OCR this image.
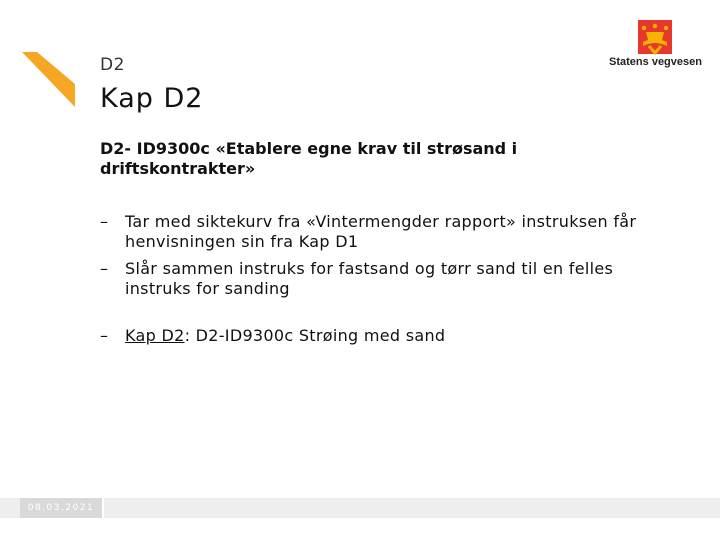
D2
Kap D2
Statens vegvesen
D2- ID9300c «Etablere egne krav til strøsand i driftskontrakter»
– Tar med siktekurv fra «Vintermengder rapport» instruksen får henvisningen sin fra Kap D1
– Slår sammen instruks for fastsand og tørr sand til en felles instruks for sanding
– Kap D2: D2-ID9300c Strøing med sand
08.03.2021
